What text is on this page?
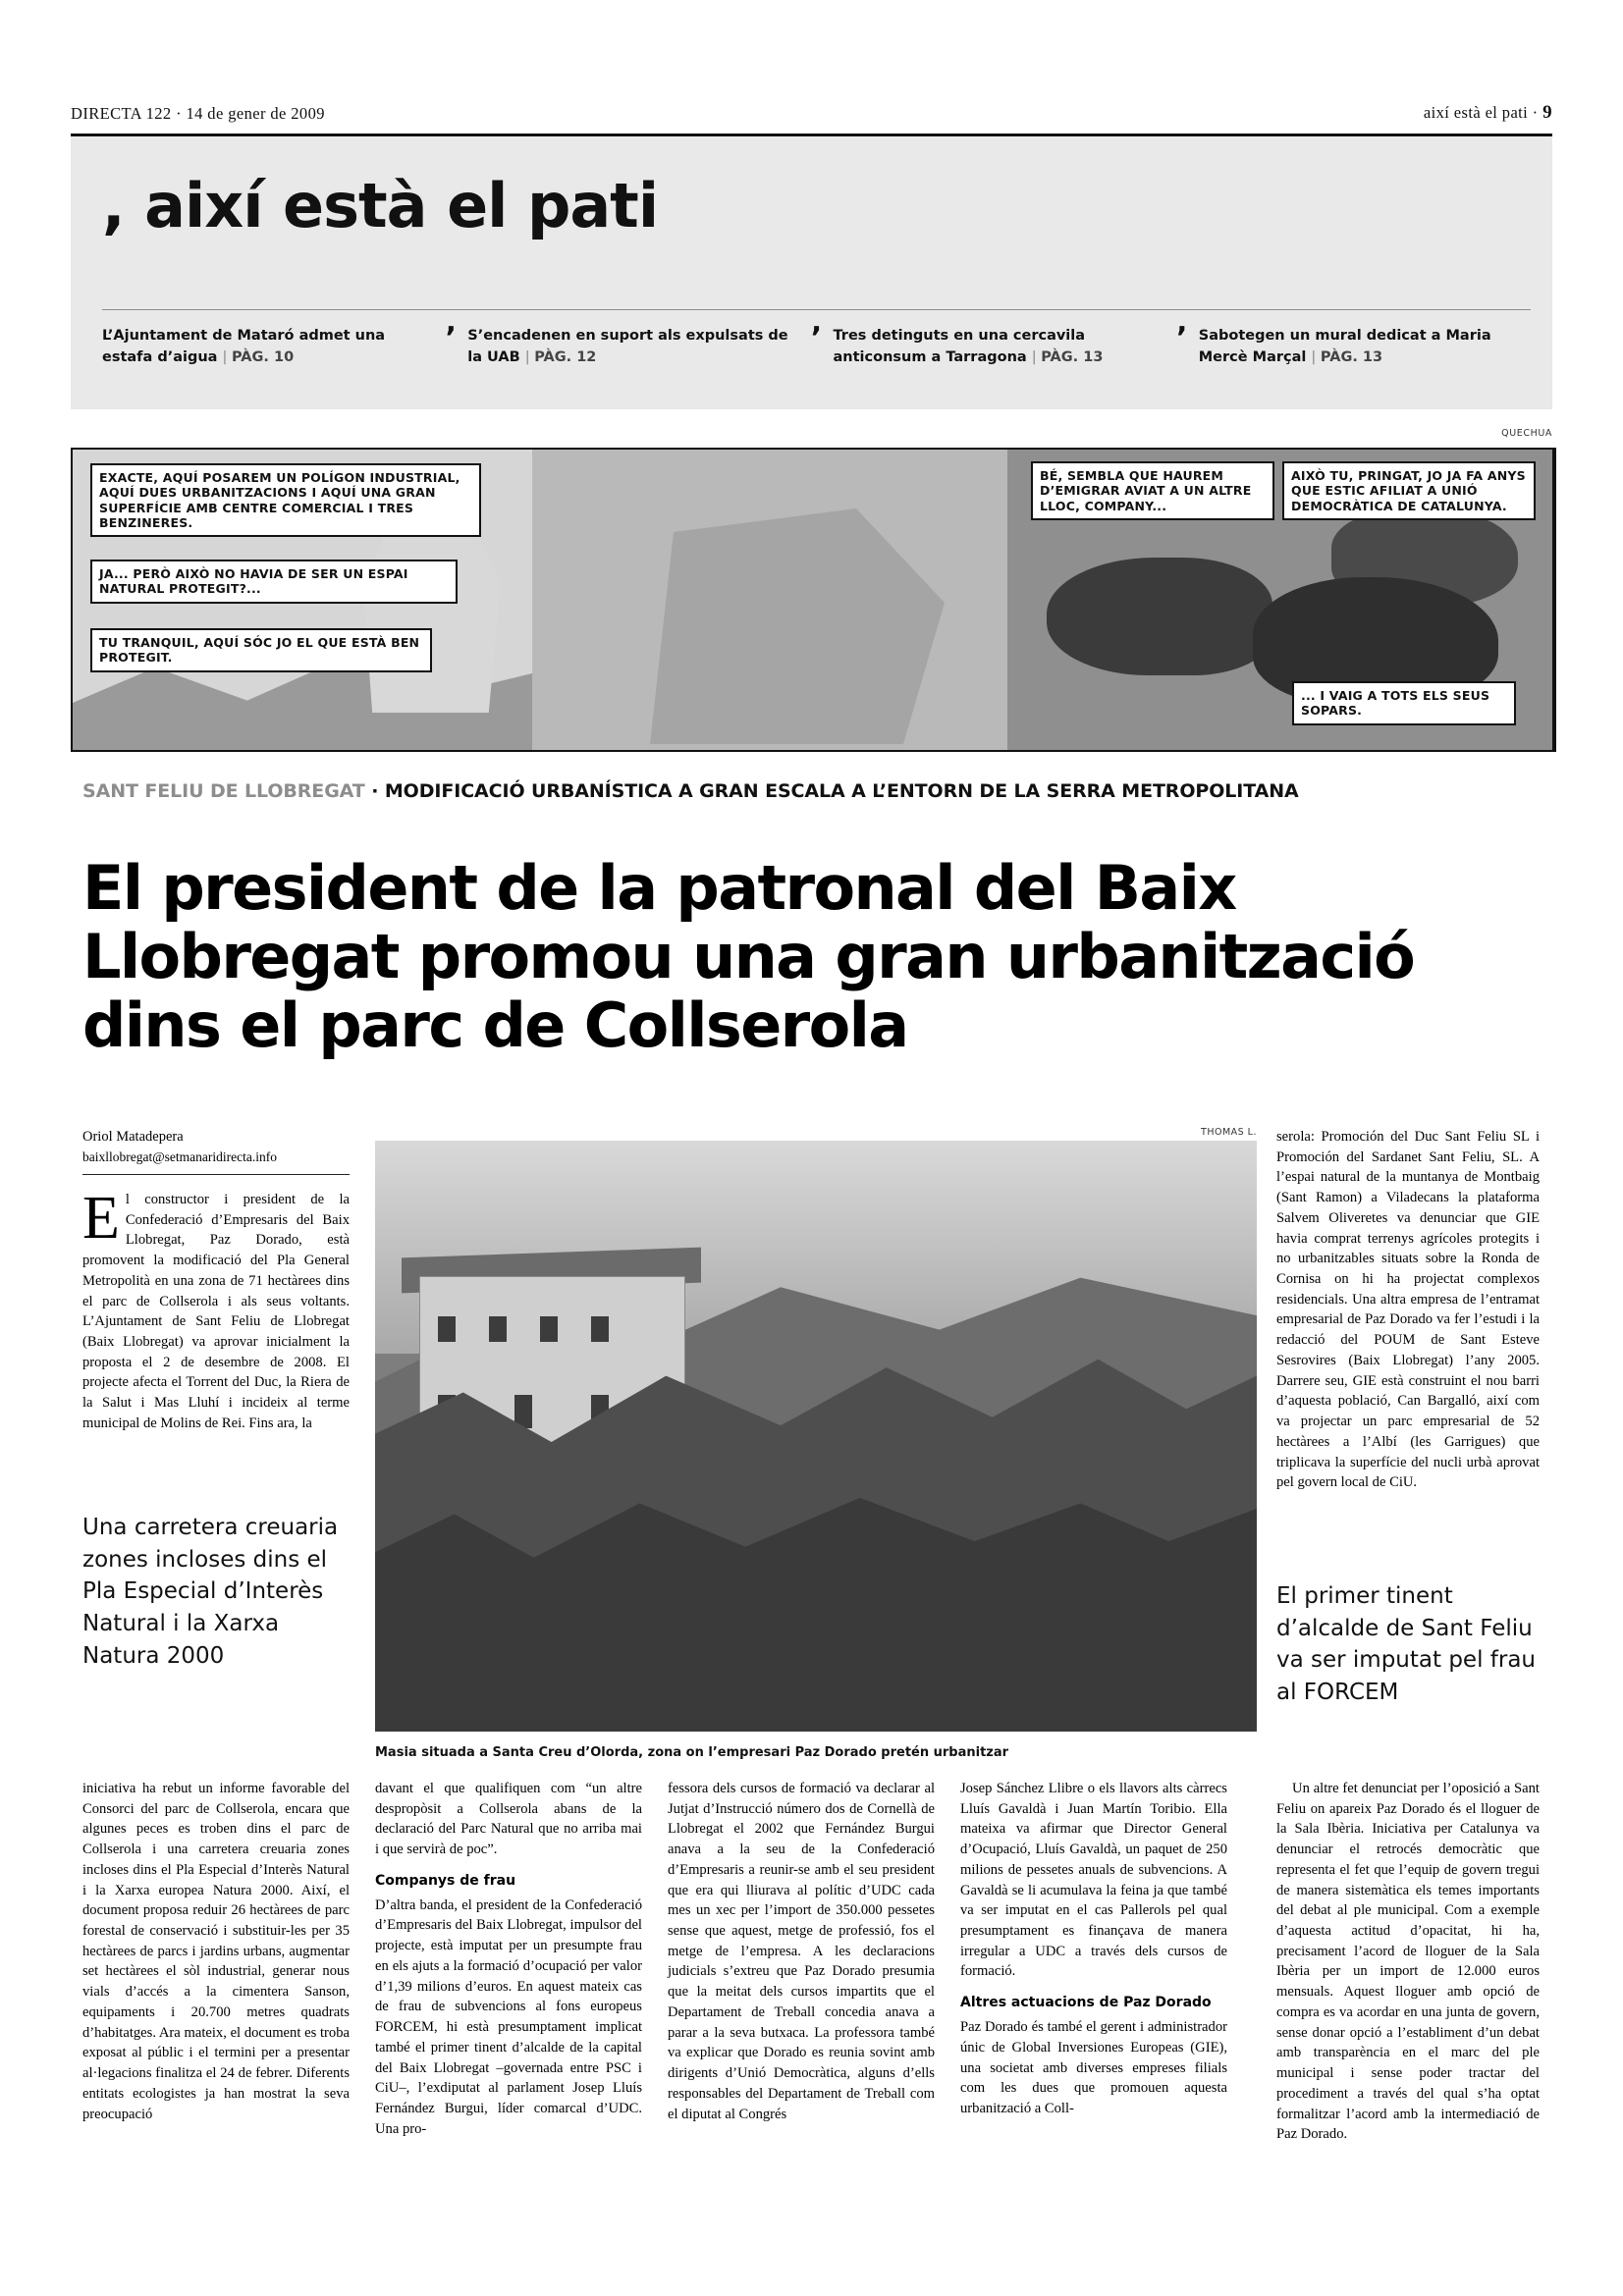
DIRECTA 122 · 14 de gener de 2009	així està el pati · 9
, així està el pati
L’Ajuntament de Mataró admet una estafa d’aigua | PÀG. 10
’ S’encadenen en suport als expulsats de la UAB | PÀG. 12
’ Tres detinguts en una cercavila anticonsum a Tarragona | PÀG. 13
’ Sabotegen un mural dedicat a Maria Mercè Marçal | PÀG. 13
QUECHUA
EXACTE, AQUÍ POSAREM UN POLÍGON INDUSTRIAL, AQUÍ DUES URBANITZACIONS I AQUÍ UNA GRAN SUPERFÍCIE AMB CENTRE COMERCIAL I TRES BENZINERES.
JA... PERÒ AIXÒ NO HAVIA DE SER UN ESPAI NATURAL PROTEGIT?...
TU TRANQUIL, AQUÍ SÓC JO EL QUE ESTÀ BEN PROTEGIT.
BÉ, SEMBLA QUE HAUREM D’EMIGRAR AVIAT A UN ALTRE LLOC, COMPANY...
AIXÒ TU, PRINGAT, JO JA FA ANYS QUE ESTIC AFILIAT A UNIÓ DEMOCRÀTICA DE CATALUNYA.
... I VAIG A TOTS ELS SEUS SOPARS.
SANT FELIU DE LLOBREGAT · MODIFICACIÓ URBANÍSTICA A GRAN ESCALA A L’ENTORN DE LA SERRA METROPOLITANA
El president de la patronal del Baix Llobregat promou una gran urbanització dins el parc de Collserola
Oriol Matadepera
baixllobregat@setmanaridirecta.info
El constructor i president de la Confederació d’Empresaris del Baix Llobregat, Paz Dorado, està promovent la modificació del Pla General Metropolità en una zona de 71 hectàrees dins el parc de Collserola i als seus voltants. L’Ajuntament de Sant Feliu de Llobregat (Baix Llobregat) va aprovar inicialment la proposta el 2 de desembre de 2008. El projecte afecta el Torrent del Duc, la Riera de la Salut i Mas Lluhí i incideix al terme municipal de Molins de Rei. Fins ara, la
Una carretera creuaria zones incloses dins el Pla Especial d’Interès Natural i la Xarxa Natura 2000
THOMAS L.
Masia situada a Santa Creu d’Olorda, zona on l’empresari Paz Dorado pretén urbanitzar
serola: Promoción del Duc Sant Feliu SL i Promoción del Sardanet Sant Feliu, SL. A l’espai natural de la muntanya de Montbaig (Sant Ramon) a Viladecans la plataforma Salvem Oliveretes va denunciar que GIE havia comprat terrenys agrícoles protegits i no urbanitzables situats sobre la Ronda de Cornisa on hi ha projectat complexos residencials. Una altra empresa de l’entramat empresarial de Paz Dorado va fer l’estudi i la redacció del POUM de Sant Esteve Sesrovires (Baix Llobregat) l’any 2005. Darrere seu, GIE està construint el nou barri d’aquesta població, Can Bargalló, així com va projectar un parc empresarial de 52 hectàrees a l’Albí (les Garrigues) que triplicava la superfície del nucli urbà aprovat pel govern local de CiU.
El primer tinent d’alcalde de Sant Feliu va ser imputat pel frau al FORCEM
Un altre fet denunciat per l’oposició a Sant Feliu on apareix Paz Dorado és el lloguer de la Sala Ibèria. Iniciativa per Catalunya va denunciar el retrocés democràtic que representa el fet que l’equip de govern tregui de manera sistemàtica els temes importants del debat al ple municipal. Com a exemple d’aquesta actitud d’opacitat, hi ha, precisament l’acord de lloguer de la Sala Ibèria per un import de 12.000 euros mensuals. Aquest lloguer amb opció de compra es va acordar en una junta de govern, sense donar opció a l’establiment d’un debat amb transparència en el marc del ple municipal i sense poder tractar del procediment a través del qual s’ha optat formalitzar l’acord amb la intermediació de Paz Dorado.

iniciativa ha rebut un informe favorable del Consorci del parc de Collserola, encara que algunes peces es troben dins el parc de Collserola i una carretera creuaria zones incloses dins el Pla Especial d’Interès Natural i la Xarxa europea Natura 2000. Així, el document proposa reduir 26 hectàrees de parc forestal de conservació i substituir-les per 35 hectàrees de parcs i jardins urbans, augmentar set hectàrees el sòl industrial, generar nous vials d’accés a la cimentera Sanson, equipaments i 20.700 metres quadrats d’habitatges. Ara mateix, el document es troba exposat al públic i el termini per a presentar al·legacions finalitza el 24 de febrer. Diferents entitats ecologistes ja han mostrat la seva preocupació

davant el que qualifiquen com “un altre despropòsit a Collserola abans de la declaració del Parc Natural que no arriba mai i que servirà de poc”.

Companys de frau

D’altra banda, el president de la Confederació d’Empresaris del Baix Llobregat, impulsor del projecte, està imputat per un presumpte frau en els ajuts a la formació d’ocupació per valor d’1,39 milions d’euros. En aquest mateix cas de frau de subvencions al fons europeus FORCEM, hi està presumptament implicat també el primer tinent d’alcalde de la capital del Baix Llobregat –governada entre PSC i CiU–, l’exdiputat al parlament Josep Lluís Fernández Burgui, líder comarcal d’UDC. Una pro-

fessora dels cursos de formació va declarar al Jutjat d’Instrucció número dos de Cornellà de Llobregat el 2002 que Fernández Burgui anava a la seu de la Confederació d’Empresaris a reunir-se amb el seu president que era qui lliurava al polític d’UDC cada mes un xec per l’import de 350.000 pessetes sense que aquest, metge de professió, fos el metge de l’empresa. A les declaracions judicials s’extreu que Paz Dorado presumia que la meitat dels cursos impartits que el Departament de Treball concedia anava a parar a la seva butxaca. La professora també va explicar que Dorado es reunia sovint amb dirigents d’Unió Democràtica, alguns d’ells responsables del Departament de Treball com el diputat al Congrés

Josep Sánchez Llibre o els llavors alts càrrecs Lluís Gavaldà i Juan Martín Toribio. Ella mateixa va afirmar que Director General d’Ocupació, Lluís Gavaldà, un paquet de 250 milions de pessetes anuals de subvencions. A Gavaldà se li acumulava la feina ja que també va ser imputat en el cas Pallerols pel qual presumptament es finançava de manera irregular a UDC a través dels cursos de formació.

Altres actuacions de Paz Dorado

Paz Dorado és també el gerent i administrador únic de Global Inversiones Europeas (GIE), una societat amb diverses empreses filials com les dues que promouen aquesta urbanització a Coll-
